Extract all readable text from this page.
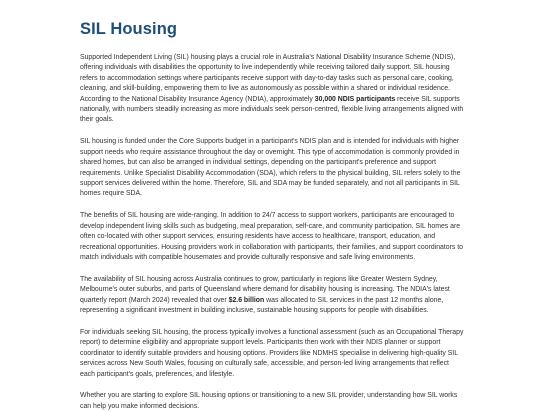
SIL Housing

Supported Independent Living (SIL) housing plays a crucial role in Australia's National Disability Insurance Scheme (NDIS), offering individuals with disabilities the opportunity to live independently while receiving tailored daily support. SIL housing refers to accommodation settings where participants receive support with day-to-day tasks such as personal care, cooking, cleaning, and skill-building, empowering them to live as autonomously as possible within a shared or individual residence. According to the National Disability Insurance Agency (NDIA), approximately 30,000 NDIS participants receive SIL supports nationally, with numbers steadily increasing as more individuals seek person-centred, flexible living arrangements aligned with their goals.

SIL housing is funded under the Core Supports budget in a participant's NDIS plan and is intended for individuals with higher support needs who require assistance throughout the day or overnight. This type of accommodation is commonly provided in shared homes, but can also be arranged in individual settings, depending on the participant's preference and support requirements. Unlike Specialist Disability Accommodation (SDA), which refers to the physical building, SIL refers solely to the support services delivered within the home. Therefore, SIL and SDA may be funded separately, and not all participants in SIL homes require SDA.

The benefits of SIL housing are wide-ranging. In addition to 24/7 access to support workers, participants are encouraged to develop independent living skills such as budgeting, meal preparation, self-care, and community participation. SIL homes are often co-located with other support services, ensuring residents have access to healthcare, transport, education, and recreational opportunities. Housing providers work in collaboration with participants, their families, and support coordinators to match individuals with compatible housemates and provide culturally responsive and safe living environments.

The availability of SIL housing across Australia continues to grow, particularly in regions like Greater Western Sydney, Melbourne's outer suburbs, and parts of Queensland where demand for disability housing is increasing. The NDIA's latest quarterly report (March 2024) revealed that over $2.6 billion was allocated to SIL services in the past 12 months alone, representing a significant investment in building inclusive, sustainable housing supports for people with disabilities.

For individuals seeking SIL housing, the process typically involves a functional assessment (such as an Occupational Therapy report) to determine eligibility and appropriate support levels. Participants then work with their NDIS planner or support coordinator to identify suitable providers and housing options. Providers like NDMHS specialise in delivering high-quality SIL services across New South Wales, focusing on culturally safe, accessible, and person-led living arrangements that reflect each participant's goals, preferences, and lifestyle.

Whether you are starting to explore SIL housing options or transitioning to a new SIL provider, understanding how SIL works can help you make informed decisions.
